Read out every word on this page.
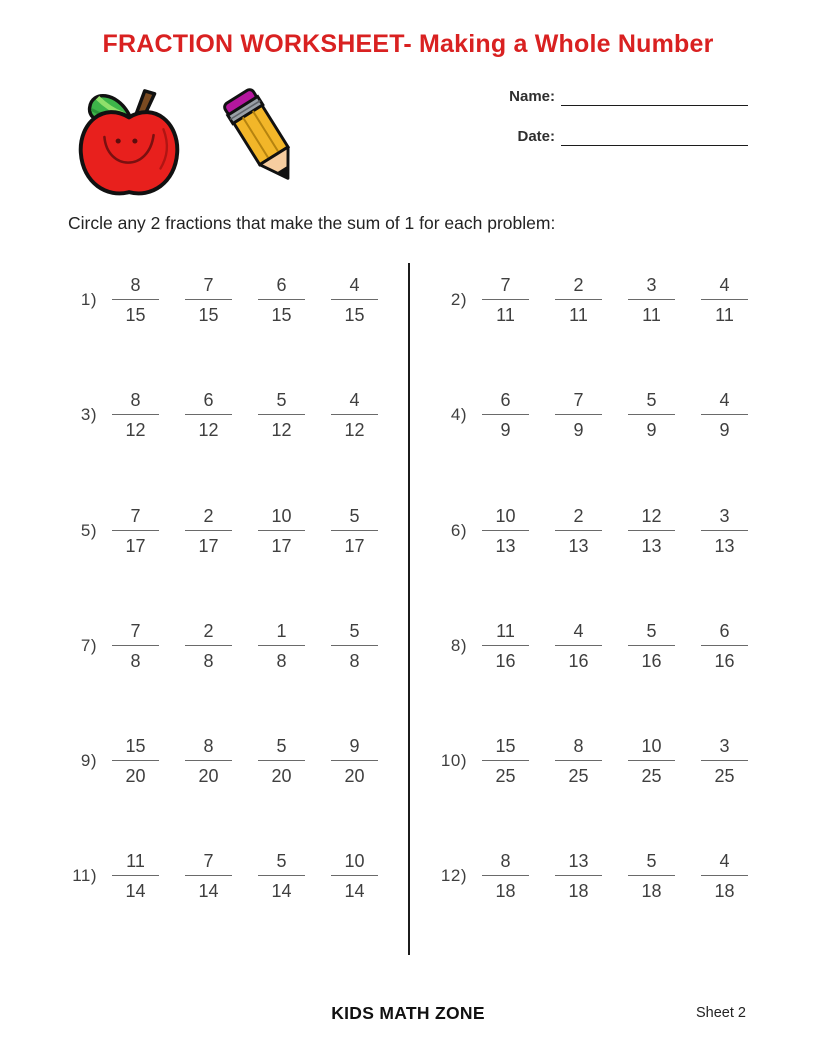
FRACTION WORKSHEET- Making a Whole Number
Name:
Date:
Circle any 2 fractions that make the sum of 1 for each problem:
$1) \frac{8}{15} \frac{7}{15} \frac{6}{15} \frac{4}{15}$
$3) \frac{8}{12} \frac{6}{12} \frac{5}{12} \frac{4}{12}$
$5) \frac{7}{17} \frac{2}{17} \frac{10}{17} \frac{5}{17}$
$7) \frac{7}{8} \frac{2}{8} \frac{1}{8} \frac{5}{8}$
$9) \frac{15}{20} \frac{8}{20} \frac{5}{20} \frac{9}{20}$
$11) \frac{11}{14} \frac{7}{14} \frac{5}{14} \frac{10}{14}$
$2) \frac{7}{11} \frac{2}{11} \frac{3}{11} \frac{4}{11}$
$4) \frac{6}{9} \frac{7}{9} \frac{5}{9} \frac{4}{9}$
$6) \frac{10}{13} \frac{2}{13} \frac{12}{13} \frac{3}{13}$
$8) \frac{11}{16} \frac{4}{16} \frac{5}{16} \frac{6}{16}$
$10) \frac{15}{25} \frac{8}{25} \frac{10}{25} \frac{3}{25}$
$12) \frac{8}{18} \frac{13}{18} \frac{5}{18} \frac{4}{18}$
KIDS MATH ZONE	Sheet 2
